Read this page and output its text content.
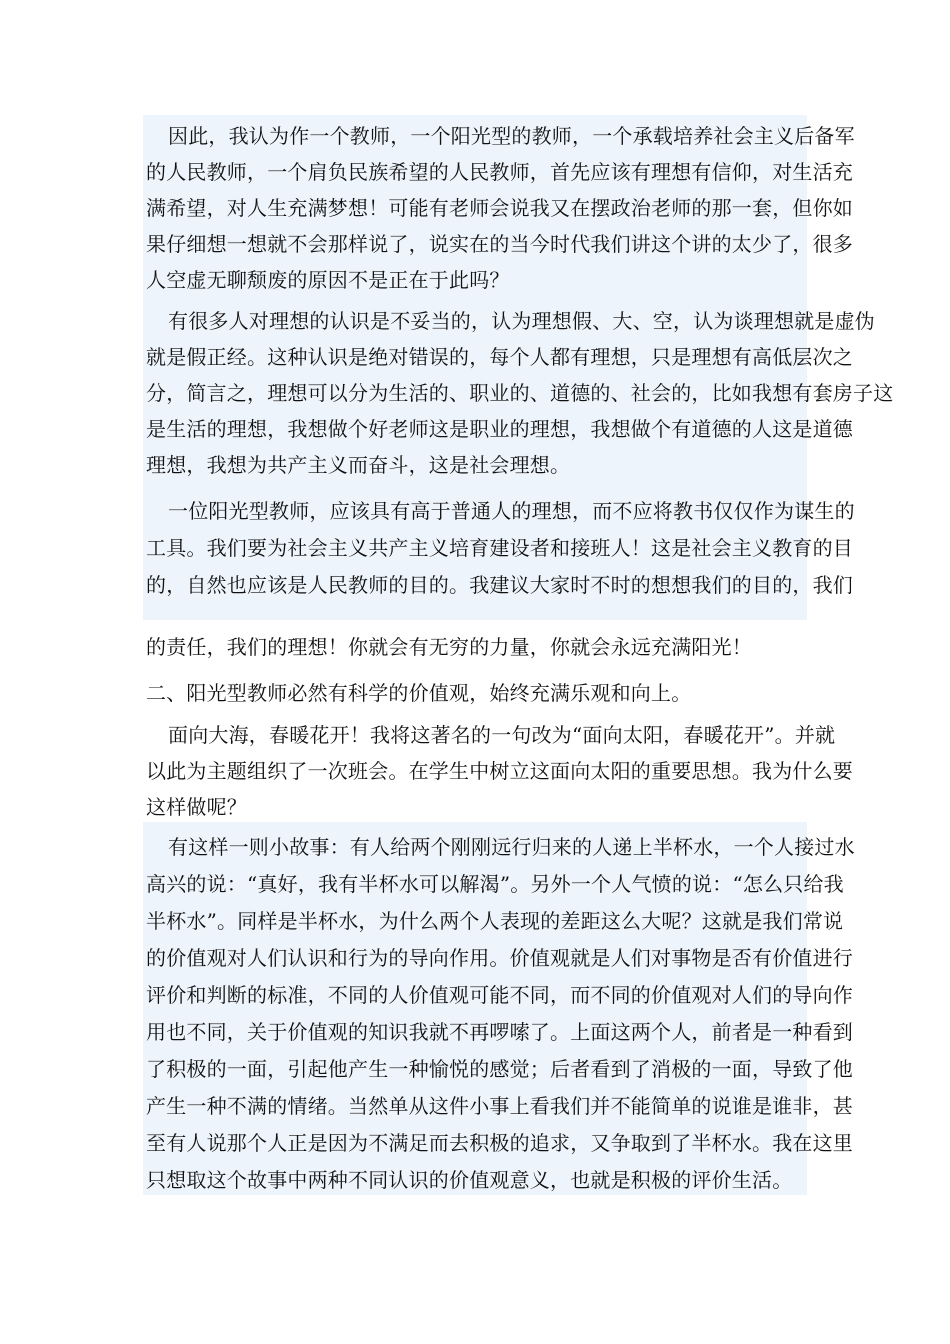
因此，我认为作一个教师，一个阳光型的教师，一个承载培养社会主义后备军
的人民教师，一个肩负民族希望的人民教师，首先应该有理想有信仰，对生活充
满希望，对人生充满梦想！可能有老师会说我又在摆政治老师的那一套，但你如
果仔细想一想就不会那样说了，说实在的当今时代我们讲这个讲的太少了，很多
人空虚无聊颓废的原因不是正在于此吗？
有很多人对理想的认识是不妥当的，认为理想假、大、空，认为谈理想就是虚伪
就是假正经。这种认识是绝对错误的，每个人都有理想，只是理想有高低层次之
分，简言之，理想可以分为生活的、职业的、道德的、社会的，比如我想有套房子这
是生活的理想，我想做个好老师这是职业的理想，我想做个有道德的人这是道德
理想，我想为共产主义而奋斗，这是社会理想。
一位阳光型教师，应该具有高于普通人的理想，而不应将教书仅仅作为谋生的
工具。我们要为社会主义共产主义培育建设者和接班人！这是社会主义教育的目
的，自然也应该是人民教师的目的。我建议大家时不时的想想我们的目的，我们
的责任，我们的理想！你就会有无穷的力量，你就会永远充满阳光！
二、阳光型教师必然有科学的价值观，始终充满乐观和向上。
面向大海，春暖花开！我将这著名的一句改为“面向太阳，春暖花开”。并就
以此为主题组织了一次班会。在学生中树立这面向太阳的重要思想。我为什么要
这样做呢？
有这样一则小故事：有人给两个刚刚远行归来的人递上半杯水，一个人接过水
高兴的说：“真好，我有半杯水可以解渴”。另外一个人气愤的说：“怎么只给我
半杯水”。同样是半杯水，为什么两个人表现的差距这么大呢？这就是我们常说
的价值观对人们认识和行为的导向作用。价值观就是人们对事物是否有价值进行
评价和判断的标准，不同的人价值观可能不同，而不同的价值观对人们的导向作
用也不同，关于价值观的知识我就不再啰嗦了。上面这两个人，前者是一种看到
了积极的一面，引起他产生一种愉悦的感觉；后者看到了消极的一面，导致了他
产生一种不满的情绪。当然单从这件小事上看我们并不能简单的说谁是谁非，甚
至有人说那个人正是因为不满足而去积极的追求，又争取到了半杯水。我在这里
只想取这个故事中两种不同认识的价值观意义，也就是积极的评价生活。
